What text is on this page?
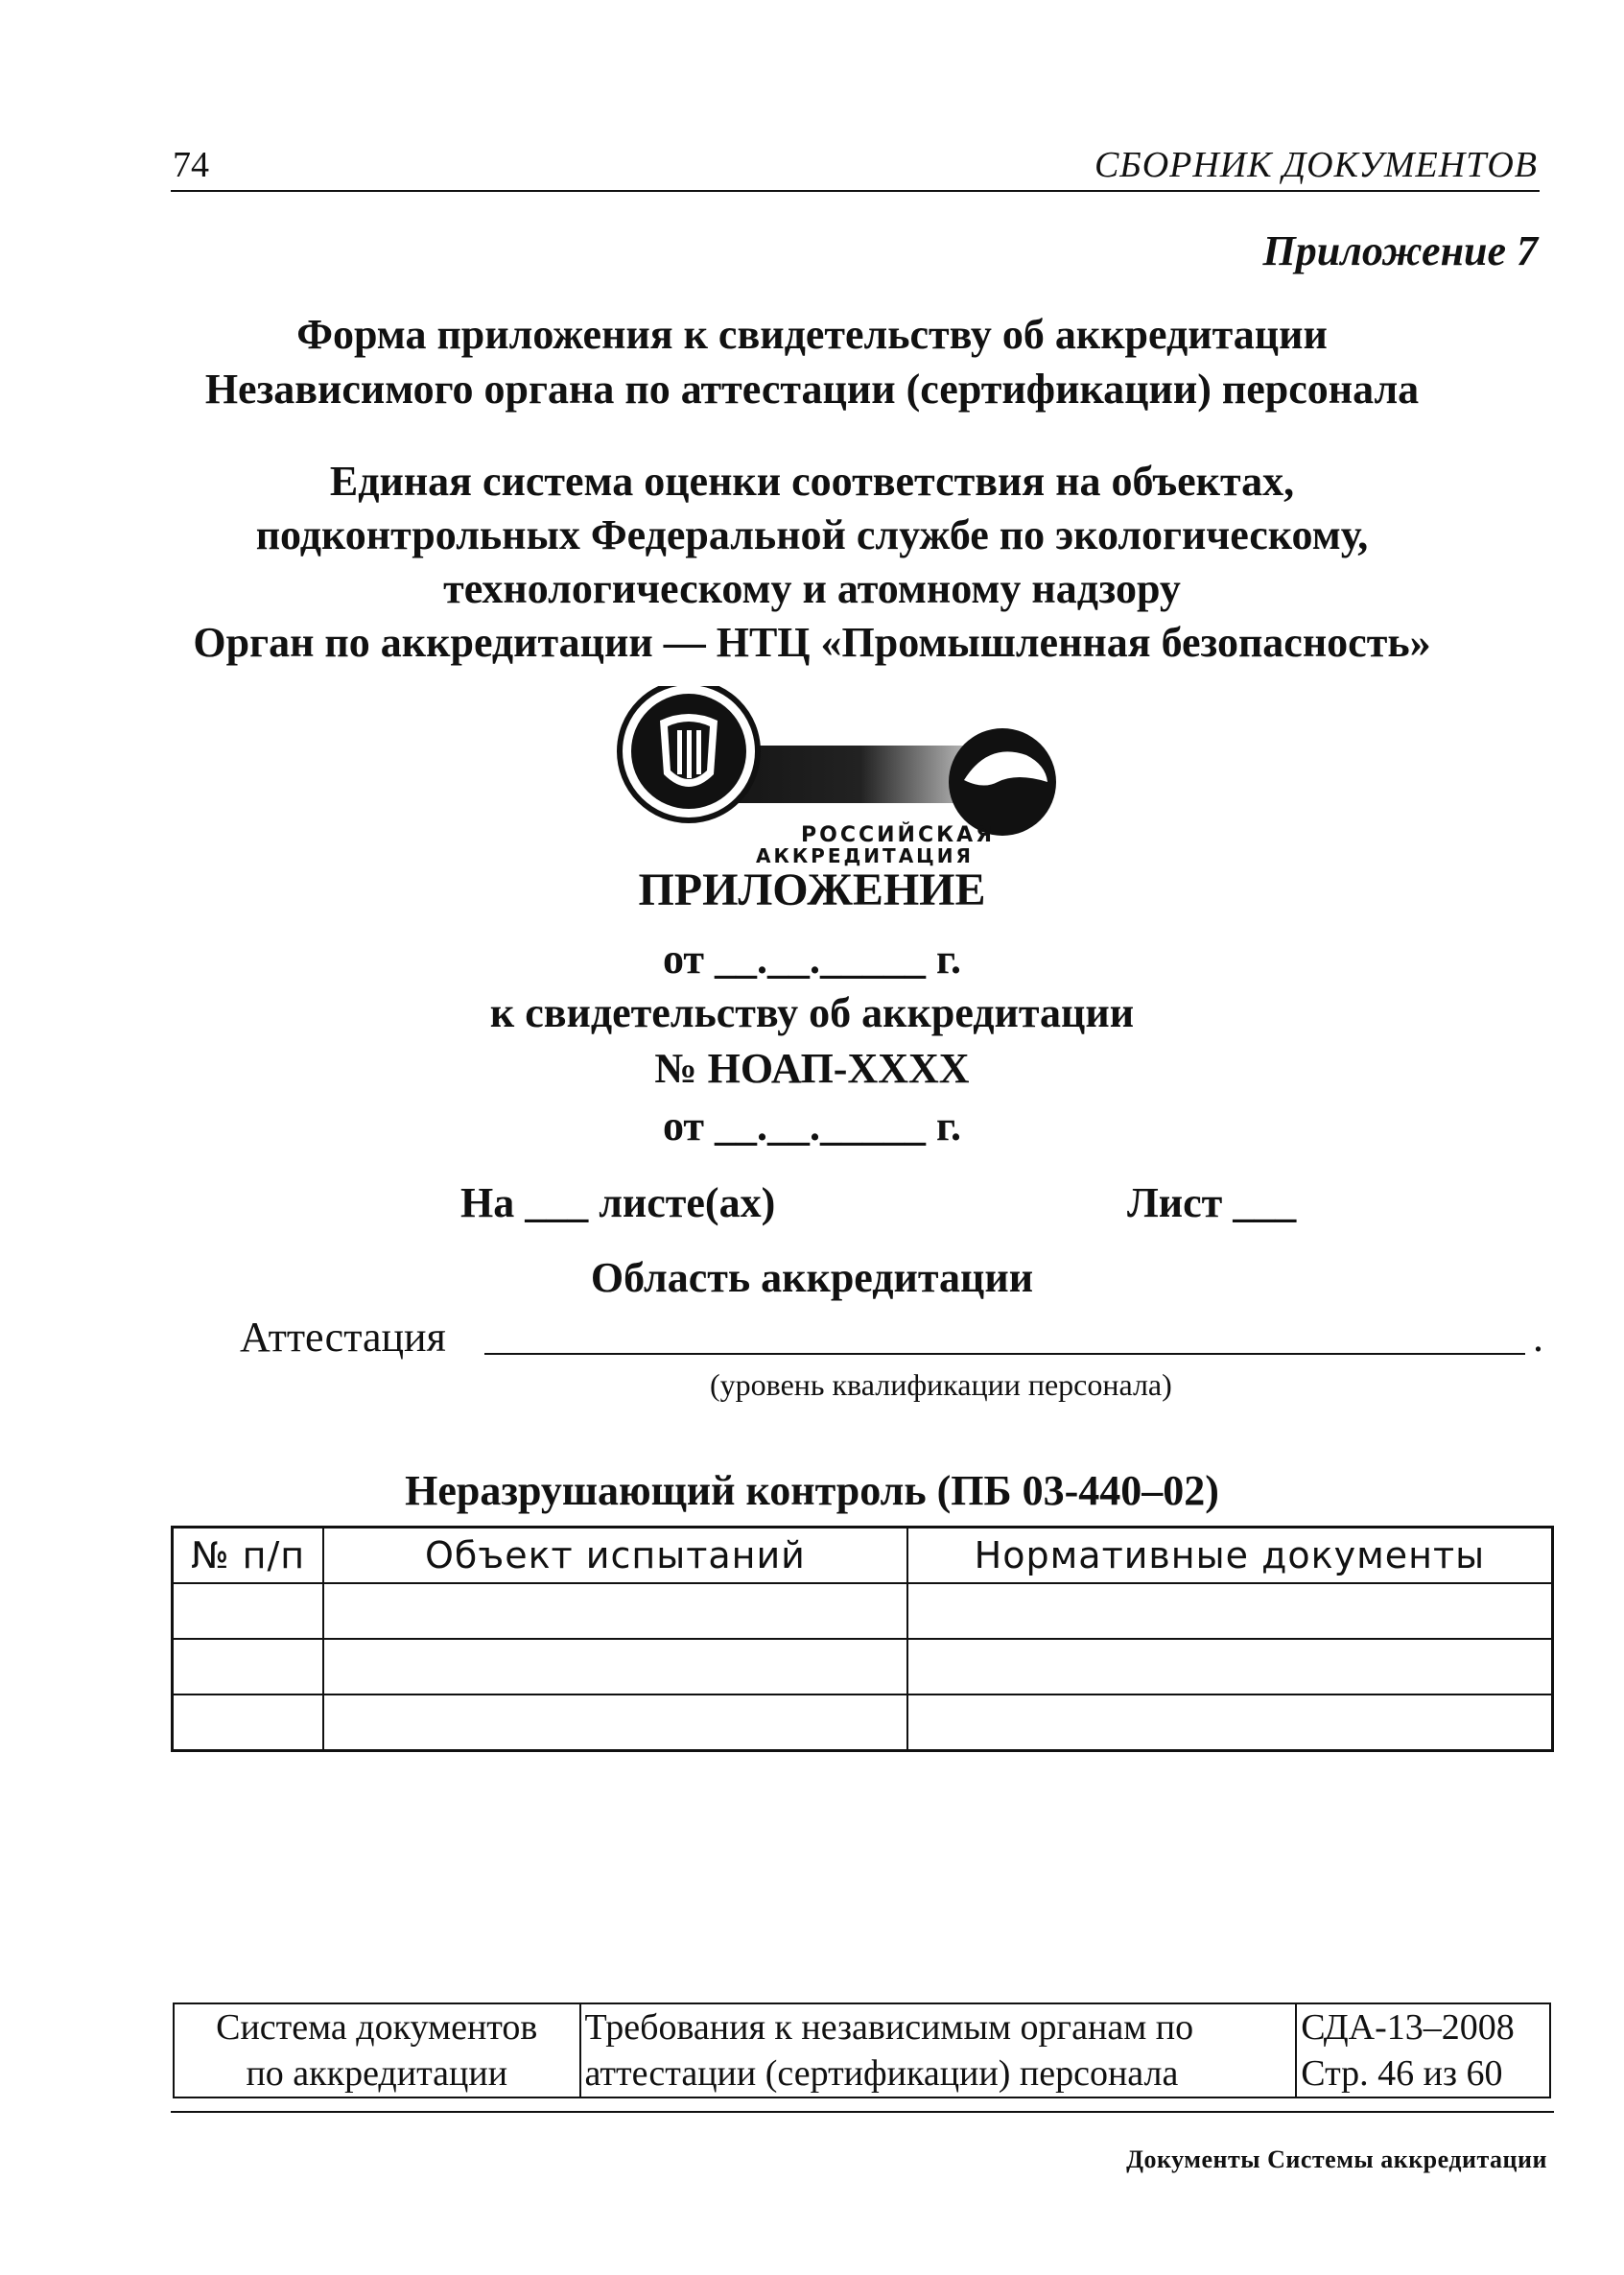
74	СБОРНИК ДОКУМЕНТОВ
Приложение 7
Форма приложения к свидетельству об аккредитации
Независимого органа по аттестации (сертификации) персонала
Единая система оценки соответствия на объектах,
подконтрольных Федеральной службе по экологическому,
технологическому и атомному надзору
Орган по аккредитации — НТЦ «Промышленная безопасность»
РОССИЙСКАЯ
АККРЕДИТАЦИЯ
ПРИЛОЖЕНИЕ
от __.__._____ г.
к свидетельству об аккредитации
№ НОАП-XXXX
от __.__._____ г.
На ___ листе(ах)	Лист ___
Область аккредитации
Аттестация	.
(уровень квалификации персонала)
Неразрушающий контроль (ПБ 03-440–02)
№ п/п	Объект испытаний	Нормативные документы

Система документов
по аккредитации

Требования к независимым органам по
аттестации (сертификации) персонала

СДА-13–2008
Стр. 46 из 60
Документы Системы аккредитации
